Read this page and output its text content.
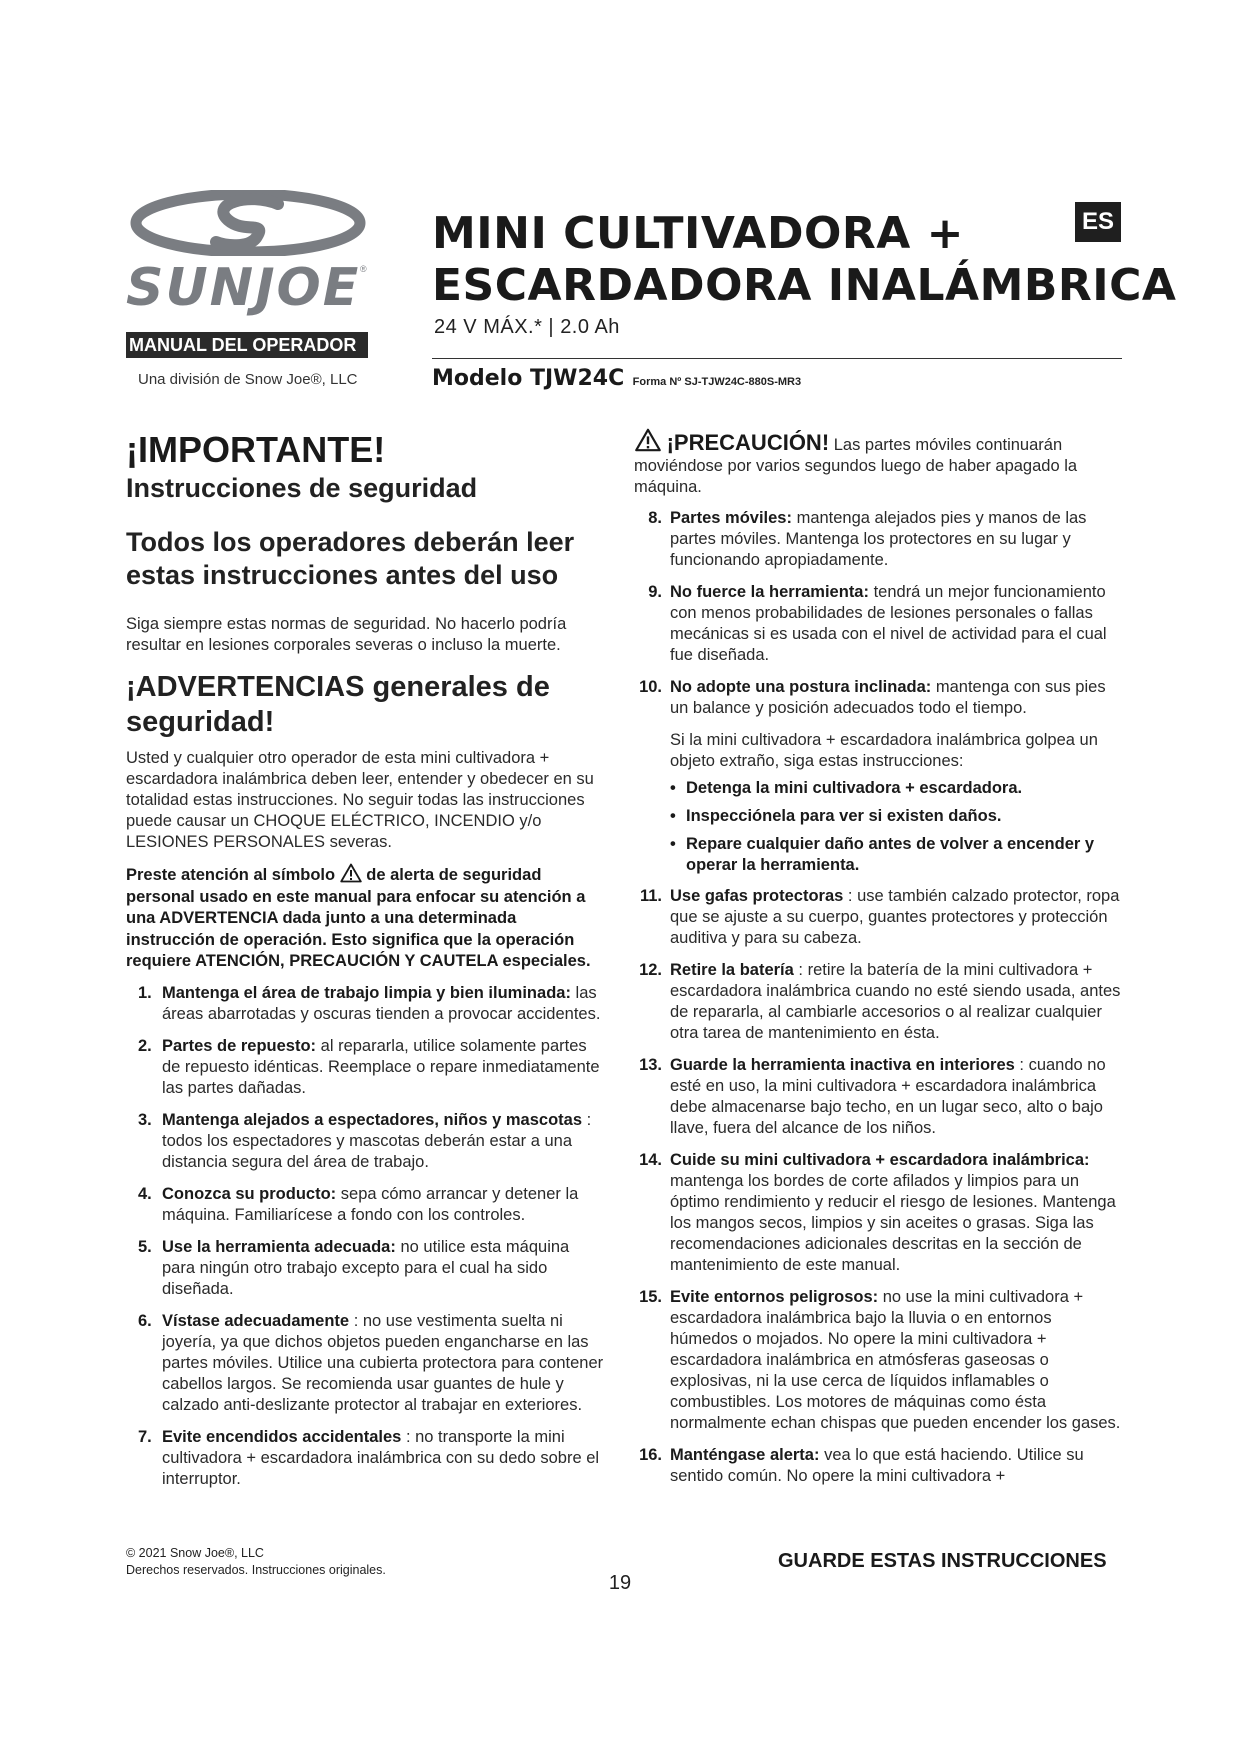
SUNJOE ®
MANUAL DEL OPERADOR
Una división de Snow Joe®, LLC
MINI CULTIVADORA +
ESCARDADORA INALÁMBRICA
24 V MÁX.* | 2.0 Ah
ES
Modelo TJW24C Forma Nº SJ-TJW24C-880S-MR3
¡IMPORTANTE!
Instrucciones de seguridad
Todos los operadores deberán leer estas instrucciones antes del uso

Siga siempre estas normas de seguridad. No hacerlo podría resultar en lesiones corporales severas o incluso la muerte.

¡ADVERTENCIAS generales de seguridad!

Usted y cualquier otro operador de esta mini cultivadora + escardadora inalámbrica deben leer, entender y obedecer en su totalidad estas instrucciones. No seguir todas las instrucciones puede causar un CHOQUE ELÉCTRICO, INCENDIO y/o LESIONES PERSONALES severas.

Preste atención al símbolo de alerta de seguridad personal usado en este manual para enfocar su atención a una ADVERTENCIA dada junto a una determinada instrucción de operación. Esto significa que la operación requiere ATENCIÓN, PRECAUCIÓN Y CAUTELA especiales.

1. Mantenga el área de trabajo limpia y bien iluminada: las áreas abarrotadas y oscuras tienden a provocar accidentes.
2. Partes de repuesto: al repararla, utilice solamente partes de repuesto idénticas. Reemplace o repare inmediatamente las partes dañadas.
3. Mantenga alejados a espectadores, niños y mascotas : todos los espectadores y mascotas deberán estar a una distancia segura del área de trabajo.
4. Conozca su producto: sepa cómo arrancar y detener la máquina. Familiarícese a fondo con los controles.
5. Use la herramienta adecuada: no utilice esta máquina para ningún otro trabajo excepto para el cual ha sido diseñada.
6. Vístase adecuadamente : no use vestimenta suelta ni joyería, ya que dichos objetos pueden engancharse en las partes móviles. Utilice una cubierta protectora para contener cabellos largos. Se recomienda usar guantes de hule y calzado anti-deslizante protector al trabajar en exteriores.
7. Evite encendidos accidentales : no transporte la mini cultivadora + escardadora inalámbrica con su dedo sobre el interruptor.

¡PRECAUCIÓN! Las partes móviles continuarán moviéndose por varios segundos luego de haber apagado la máquina.

8. Partes móviles: mantenga alejados pies y manos de las partes móviles. Mantenga los protectores en su lugar y funcionando apropiadamente.
9. No fuerce la herramienta: tendrá un mejor funcionamiento con menos probabilidades de lesiones personales o fallas mecánicas si es usada con el nivel de actividad para el cual fue diseñada.
10. No adopte una postura inclinada: mantenga con sus pies un balance y posición adecuados todo el tiempo.

Si la mini cultivadora + escardadora inalámbrica golpea un objeto extraño, siga estas instrucciones:

• Detenga la mini cultivadora + escardadora.
• Inspecciónela para ver si existen daños.
• Repare cualquier daño antes de volver a encender y operar la herramienta.
11. Use gafas protectoras : use también calzado protector, ropa que se ajuste a su cuerpo, guantes protectores y protección auditiva y para su cabeza.
12. Retire la batería : retire la batería de la mini cultivadora + escardadora inalámbrica cuando no esté siendo usada, antes de repararla, al cambiarle accesorios o al realizar cualquier otra tarea de mantenimiento en ésta.
13. Guarde la herramienta inactiva en interiores : cuando no esté en uso, la mini cultivadora + escardadora inalámbrica debe almacenarse bajo techo, en un lugar seco, alto o bajo llave, fuera del alcance de los niños.
14. Cuide su mini cultivadora + escardadora inalámbrica: mantenga los bordes de corte afilados y limpios para un óptimo rendimiento y reducir el riesgo de lesiones. Mantenga los mangos secos, limpios y sin aceites o grasas. Siga las recomendaciones adicionales descritas en la sección de mantenimiento de este manual.
15. Evite entornos peligrosos: no use la mini cultivadora + escardadora inalámbrica bajo la lluvia o en entornos húmedos o mojados. No opere la mini cultivadora + escardadora inalámbrica en atmósferas gaseosas o explosivas, ni la use cerca de líquidos inflamables o combustibles. Los motores de máquinas como ésta normalmente echan chispas que pueden encender los gases.
16. Manténgase alerta: vea lo que está haciendo. Utilice su sentido común. No opere la mini cultivadora +
© 2021 Snow Joe®, LLC
Derechos reservados. Instrucciones originales.	GUARDE ESTAS INSTRUCCIONES
19
